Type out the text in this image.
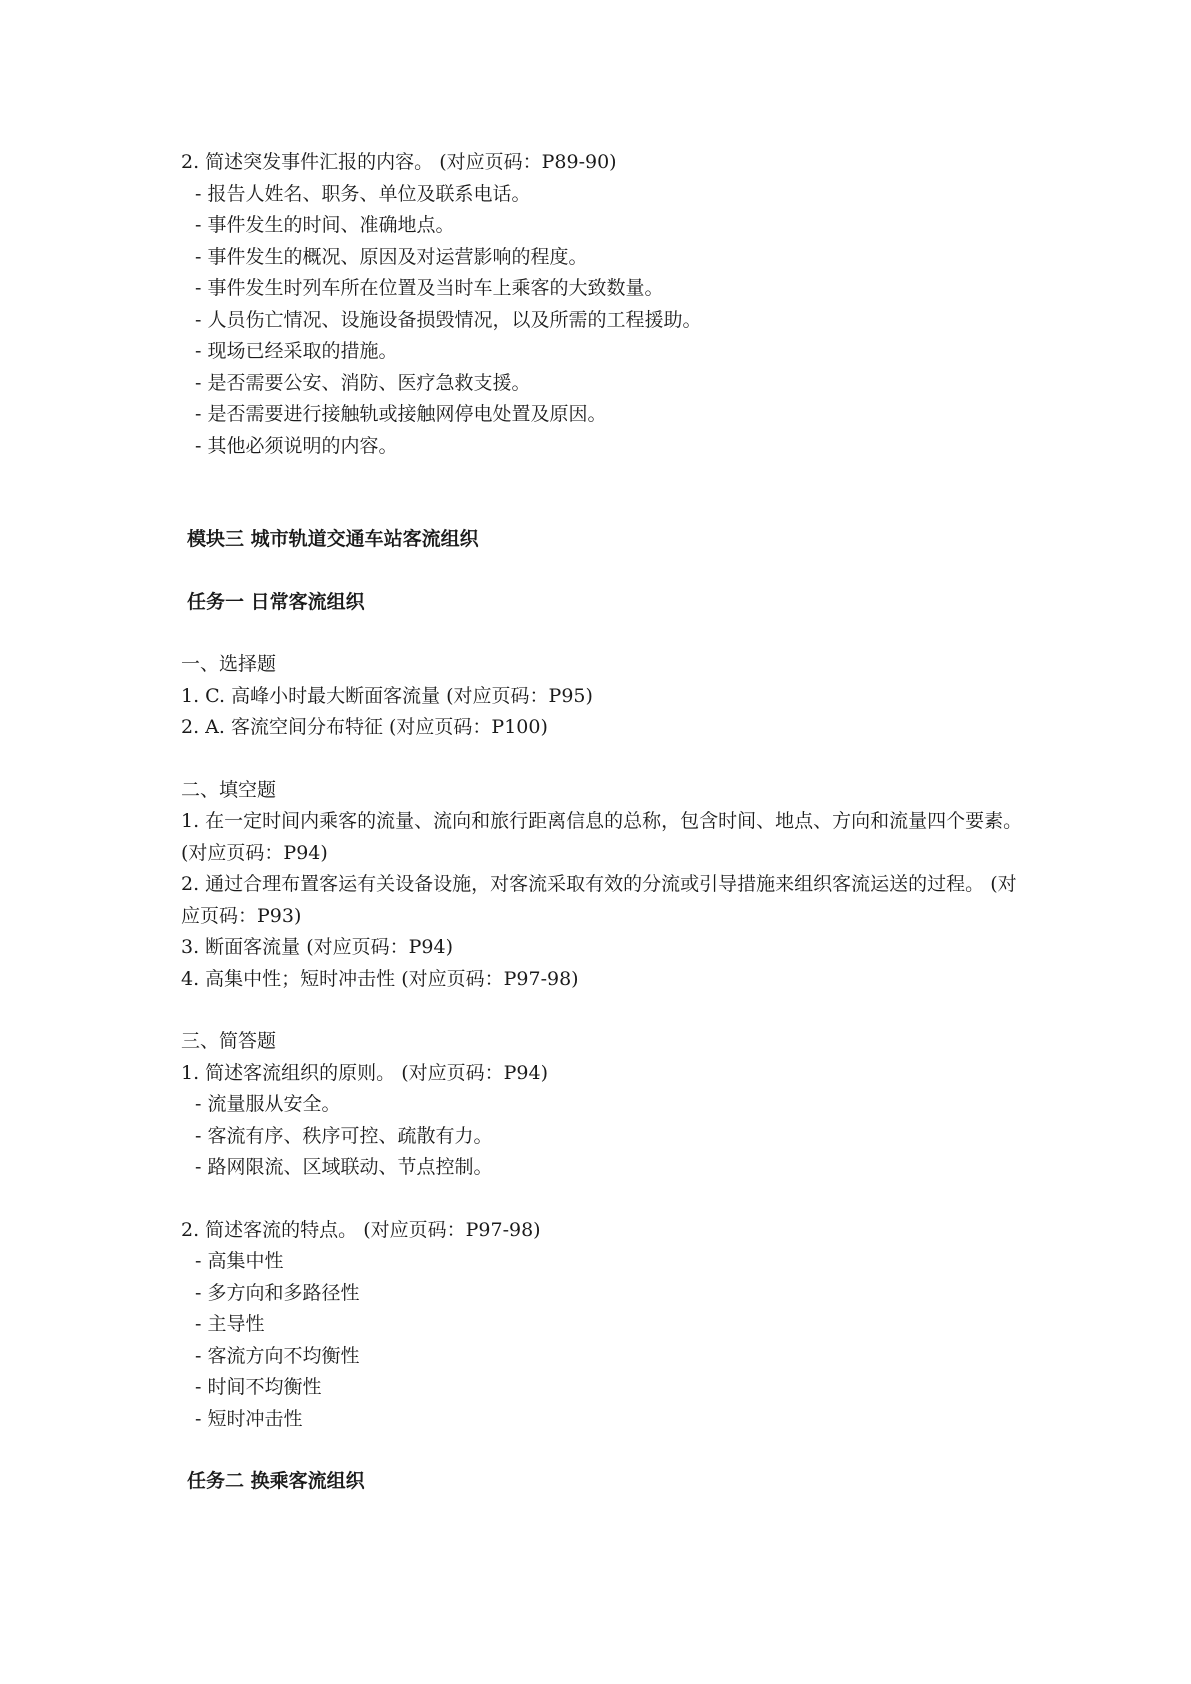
2. 简述突发事件汇报的内容。 (对应页码：P89-90)
- 报告人姓名、职务、单位及联系电话。
- 事件发生的时间、准确地点。
- 事件发生的概况、原因及对运营影响的程度。
- 事件发生时列车所在位置及当时车上乘客的大致数量。
- 人员伤亡情况、设施设备损毁情况，以及所需的工程援助。
- 现场已经采取的措施。
- 是否需要公安、消防、医疗急救支援。
- 是否需要进行接触轨或接触网停电处置及原因。
- 其他必须说明的内容。
模块三 城市轨道交通车站客流组织
任务一 日常客流组织
一、选择题
1. C. 高峰小时最大断面客流量 (对应页码：P95)
2. A. 客流空间分布特征 (对应页码：P100)
二、填空题
1. 在一定时间内乘客的流量、流向和旅行距离信息的总称，包含时间、地点、方向和流量四个要素。 (对应页码：P94)
2. 通过合理布置客运有关设备设施，对客流采取有效的分流或引导措施来组织客流运送的过程。 (对应页码：P93)
3. 断面客流量 (对应页码：P94)
4. 高集中性；短时冲击性 (对应页码：P97-98)
三、简答题
1. 简述客流组织的原则。 (对应页码：P94)
- 流量服从安全。
- 客流有序、秩序可控、疏散有力。
- 路网限流、区域联动、节点控制。
2. 简述客流的特点。 (对应页码：P97-98)
- 高集中性
- 多方向和多路径性
- 主导性
- 客流方向不均衡性
- 时间不均衡性
- 短时冲击性
任务二 换乘客流组织
